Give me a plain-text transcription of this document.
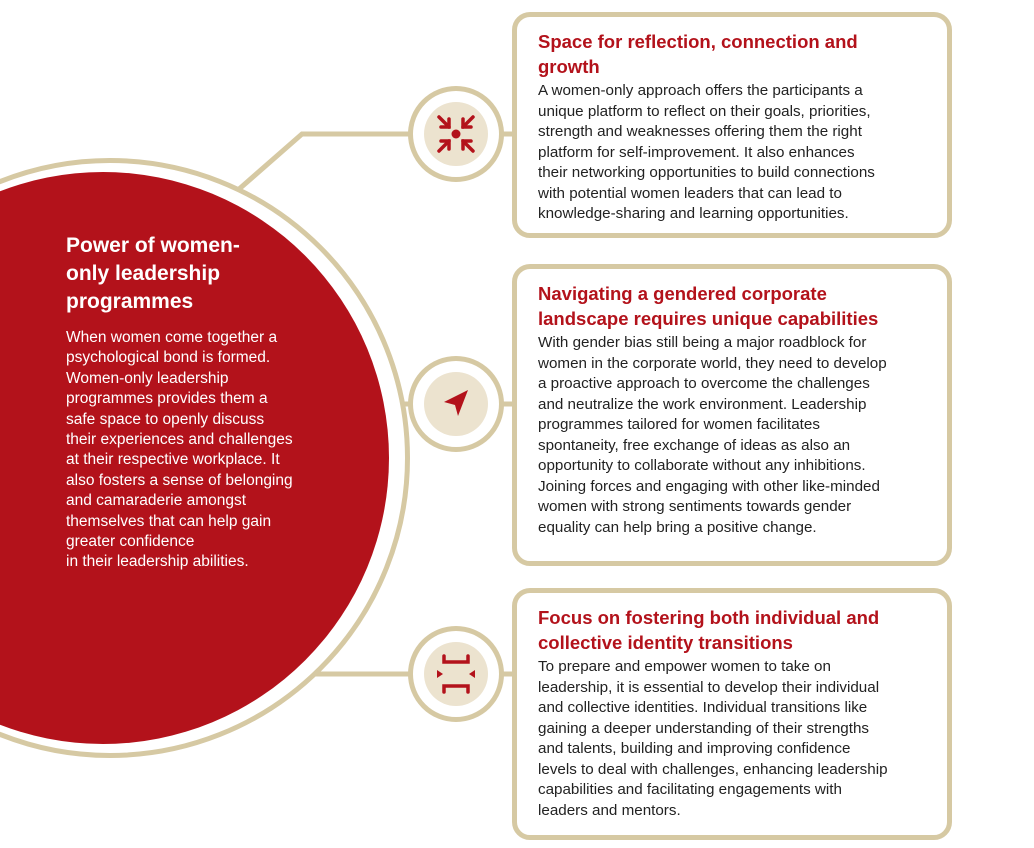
Power of women-
only leadership
programmes

When women come together a
psychological bond is formed.
Women-only leadership
programmes provides them a
safe space to openly discuss
their experiences and challenges
at their respective workplace. It
also fosters a sense of belonging
and camaraderie amongst
themselves that can help gain
greater confidence
in their leadership abilities.

Space for reflection, connection and
growth

A women-only approach offers the participants a
unique platform to reflect on their goals, priorities,
strength and weaknesses offering them the right
platform for self-improvement. It also enhances
their networking opportunities to build connections
with potential women leaders that can lead to
knowledge-sharing and learning opportunities.

Navigating a gendered corporate
landscape requires unique capabilities

With gender bias still being a major roadblock for
women in the corporate world, they need to develop
a proactive approach to overcome the challenges
and neutralize the work environment. Leadership
programmes tailored for women facilitates
spontaneity, free exchange of ideas as also an
opportunity to collaborate without any inhibitions.
Joining forces and engaging with other like-minded
women with strong sentiments towards gender
equality can help bring a positive change.

Focus on fostering both individual and
collective identity transitions

To prepare and empower women to take on
leadership, it is essential to develop their individual
and collective identities. Individual transitions like
gaining a deeper understanding of their strengths
and talents, building and improving confidence
levels to deal with challenges, enhancing leadership
capabilities and facilitating engagements with
leaders and mentors.
